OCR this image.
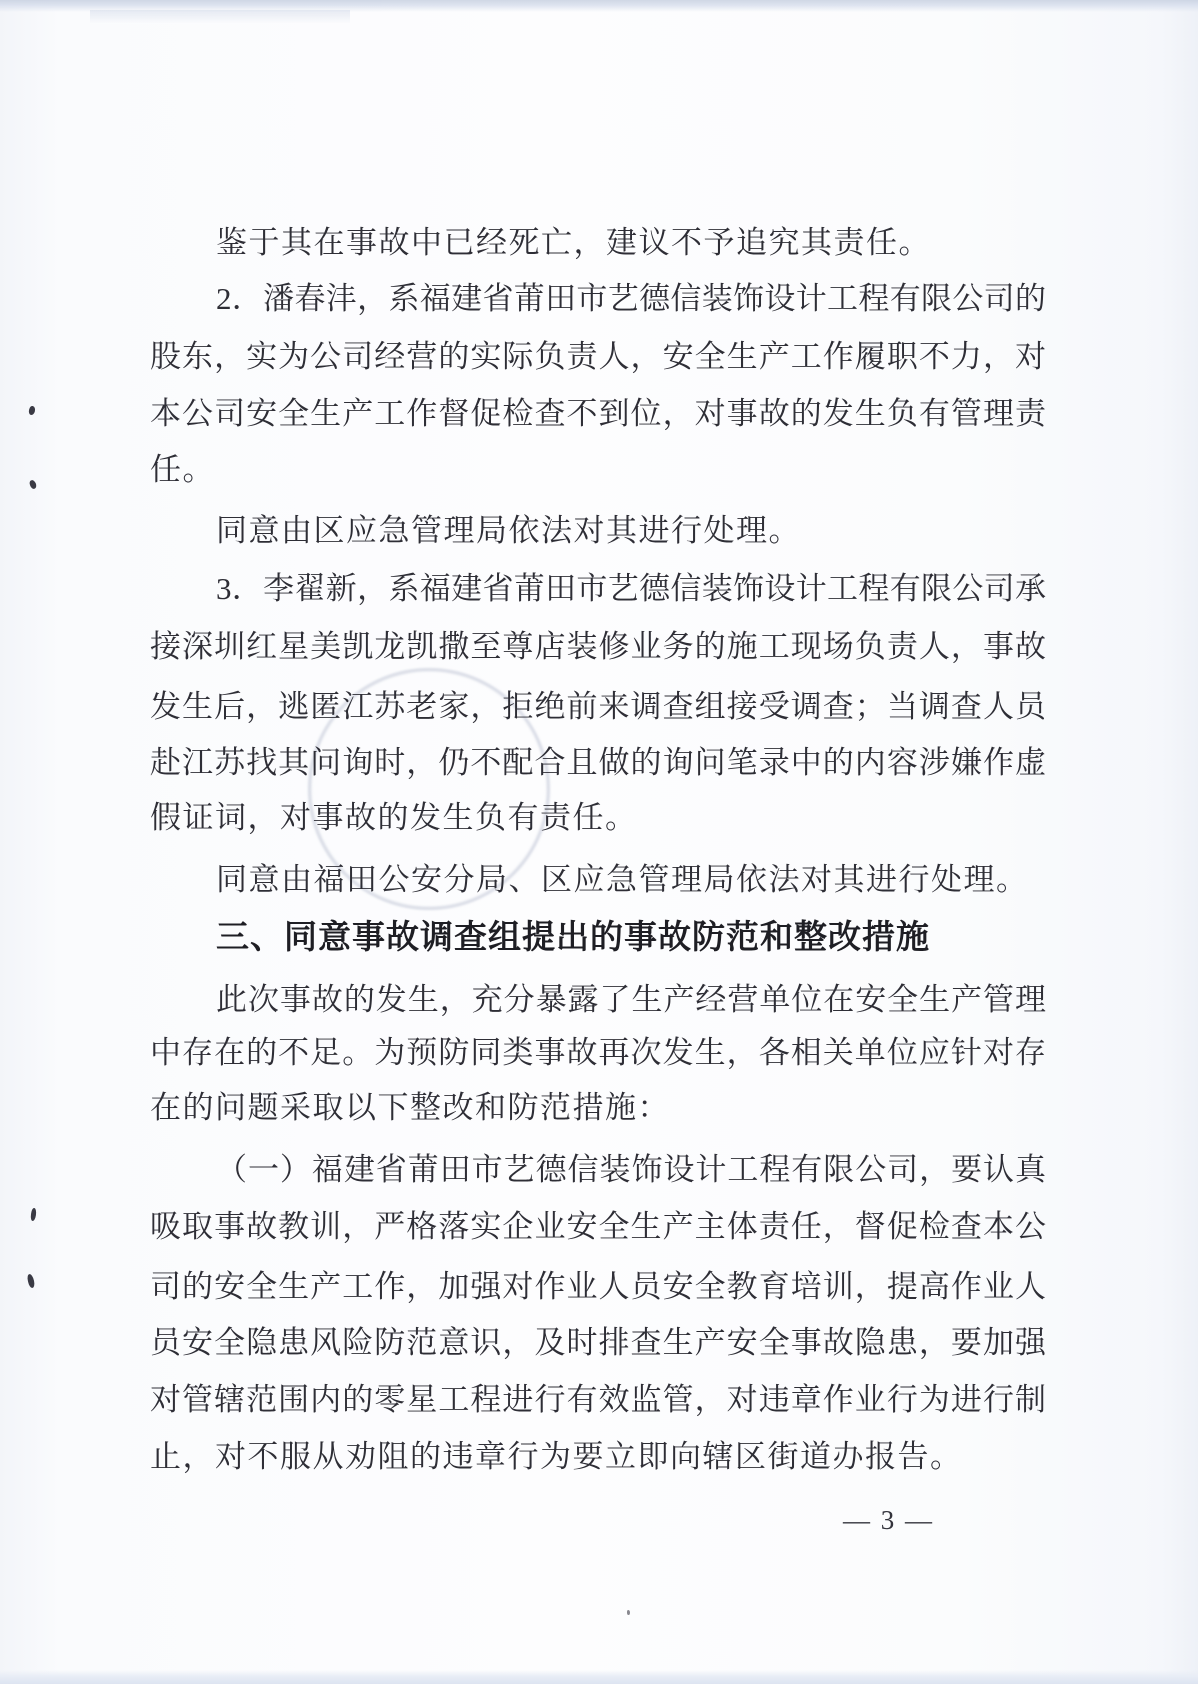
鉴于其在事故中已经死亡，建议不予追究其责任。
2．潘春沣，系福建省莆田市艺德信装饰设计工程有限公司的
股东，实为公司经营的实际负责人，安全生产工作履职不力，对
本公司安全生产工作督促检查不到位，对事故的发生负有管理责
任。
同意由区应急管理局依法对其进行处理。
3．李翟新，系福建省莆田市艺德信装饰设计工程有限公司承
接深圳红星美凯龙凯撒至尊店装修业务的施工现场负责人，事故
发生后，逃匿江苏老家，拒绝前来调查组接受调查；当调查人员
赴江苏找其问询时，仍不配合且做的询问笔录中的内容涉嫌作虚
假证词，对事故的发生负有责任。
同意由福田公安分局、区应急管理局依法对其进行处理。
三、同意事故调查组提出的事故防范和整改措施
此次事故的发生，充分暴露了生产经营单位在安全生产管理
中存在的不足。为预防同类事故再次发生，各相关单位应针对存
在的问题采取以下整改和防范措施：
（一）福建省莆田市艺德信装饰设计工程有限公司，要认真
吸取事故教训，严格落实企业安全生产主体责任，督促检查本公
司的安全生产工作，加强对作业人员安全教育培训，提高作业人
员安全隐患风险防范意识，及时排查生产安全事故隐患，要加强
对管辖范围内的零星工程进行有效监管，对违章作业行为进行制
止，对不服从劝阻的违章行为要立即向辖区街道办报告。
— 3 —
